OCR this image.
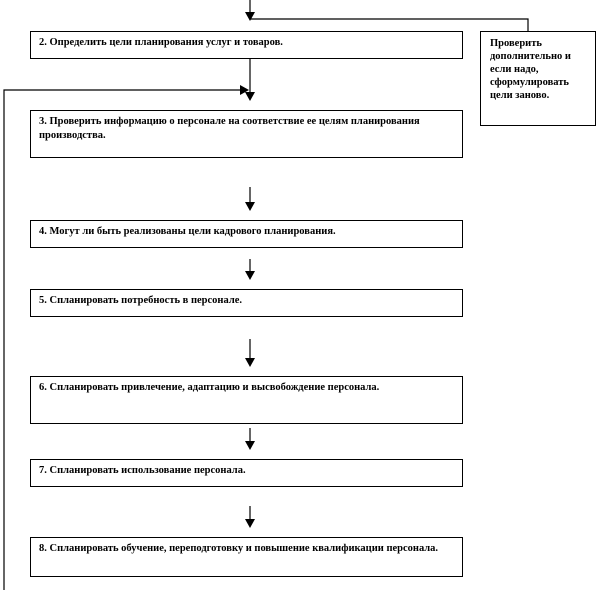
2. Определить цели планирования услуг и товаров.
3. Проверить информацию о персонале на соответствие ее целям планирования производства.
4. Могут ли быть реализованы цели кадрового планирования.
5. Спланировать потребность в персонале.
6. Спланировать привлечение, адаптацию и высвобождение персонала.
7. Спланировать использование персонала.
8. Спланировать обучение, переподготовку и повышение квалификации персонала.
Проверить дополнительно и если надо, сформулировать цели заново.
